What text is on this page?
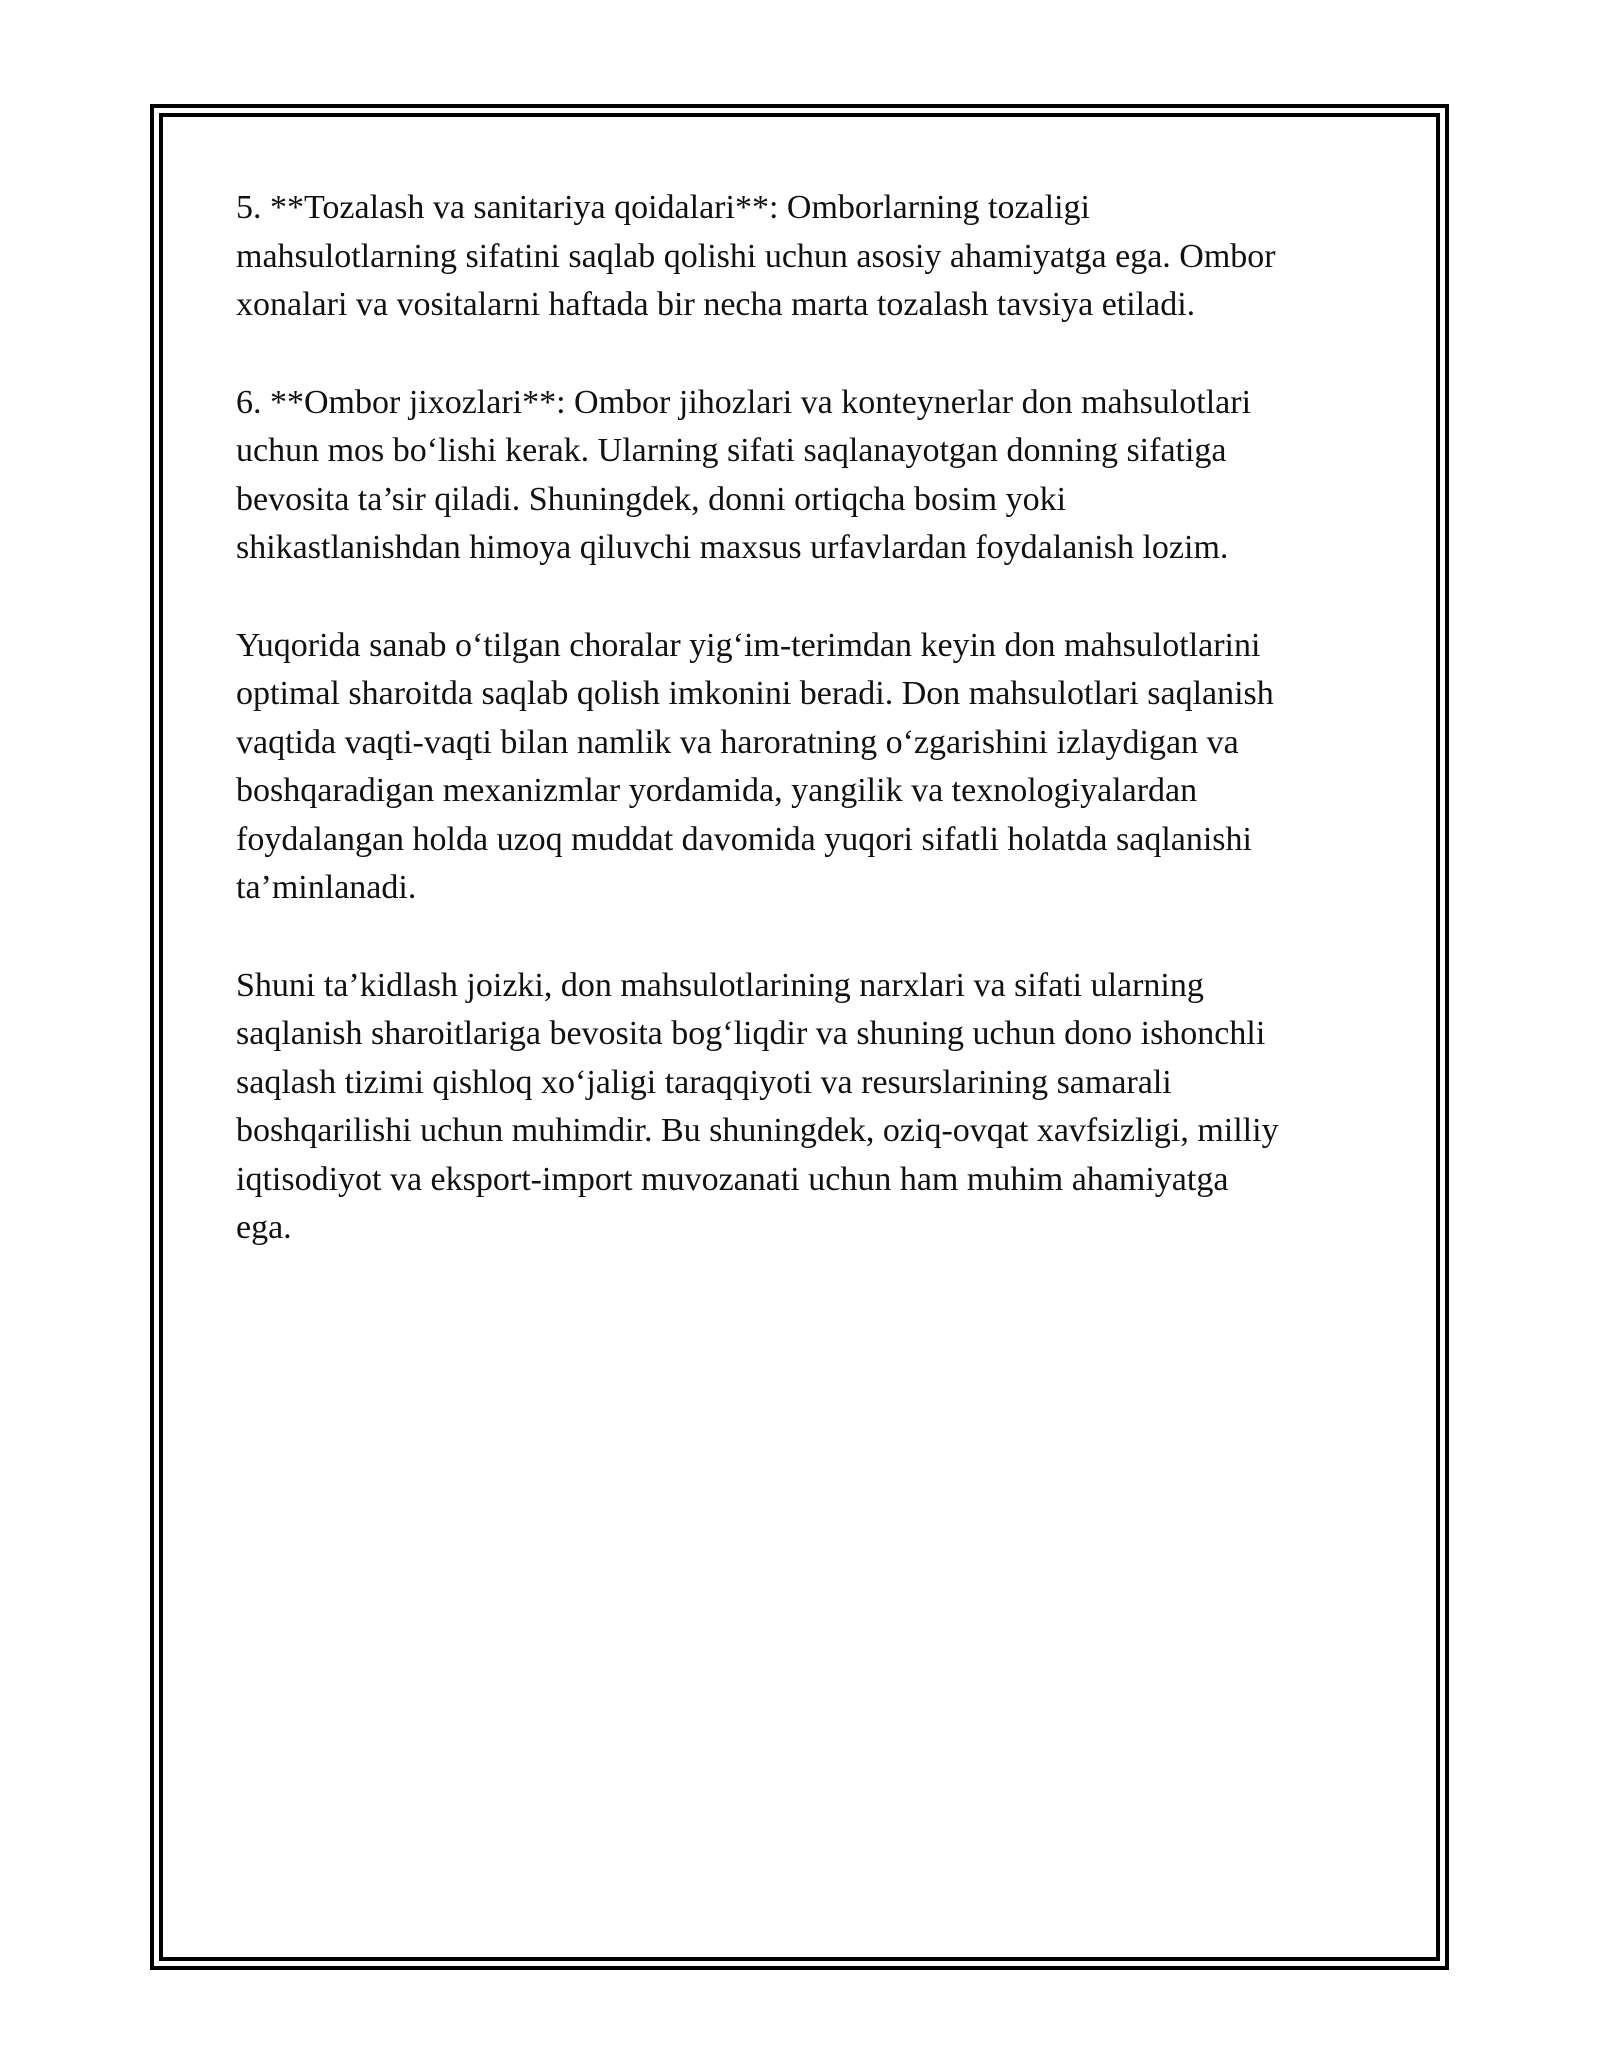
5. **Tozalash va sanitariya qoidalari**: Omborlarning tozaligi
mahsulotlarning sifatini saqlab qolishi uchun asosiy ahamiyatga ega. Ombor
xonalari va vositalarni haftada bir necha marta tozalash tavsiya etiladi.

6. **Ombor jixozlari**: Ombor jihozlari va konteynerlar don mahsulotlari
uchun mos bo‘lishi kerak. Ularning sifati saqlanayotgan donning sifatiga
bevosita ta’sir qiladi. Shuningdek, donni ortiqcha bosim yoki
shikastlanishdan himoya qiluvchi maxsus urfavlardan foydalanish lozim.

Yuqorida sanab o‘tilgan choralar yig‘im-terimdan keyin don mahsulotlarini
optimal sharoitda saqlab qolish imkonini beradi. Don mahsulotlari saqlanish
vaqtida vaqti-vaqti bilan namlik va haroratning o‘zgarishini izlaydigan va
boshqaradigan mexanizmlar yordamida, yangilik va texnologiyalardan
foydalangan holda uzoq muddat davomida yuqori sifatli holatda saqlanishi
ta’minlanadi.

Shuni ta’kidlash joizki, don mahsulotlarining narxlari va sifati ularning
saqlanish sharoitlariga bevosita bog‘liqdir va shuning uchun dono ishonchli
saqlash tizimi qishloq xo‘jaligi taraqqiyoti va resurslarining samarali
boshqarilishi uchun muhimdir. Bu shuningdek, oziq-ovqat xavfsizligi, milliy
iqtisodiyot va eksport-import muvozanati uchun ham muhim ahamiyatga
ega.
